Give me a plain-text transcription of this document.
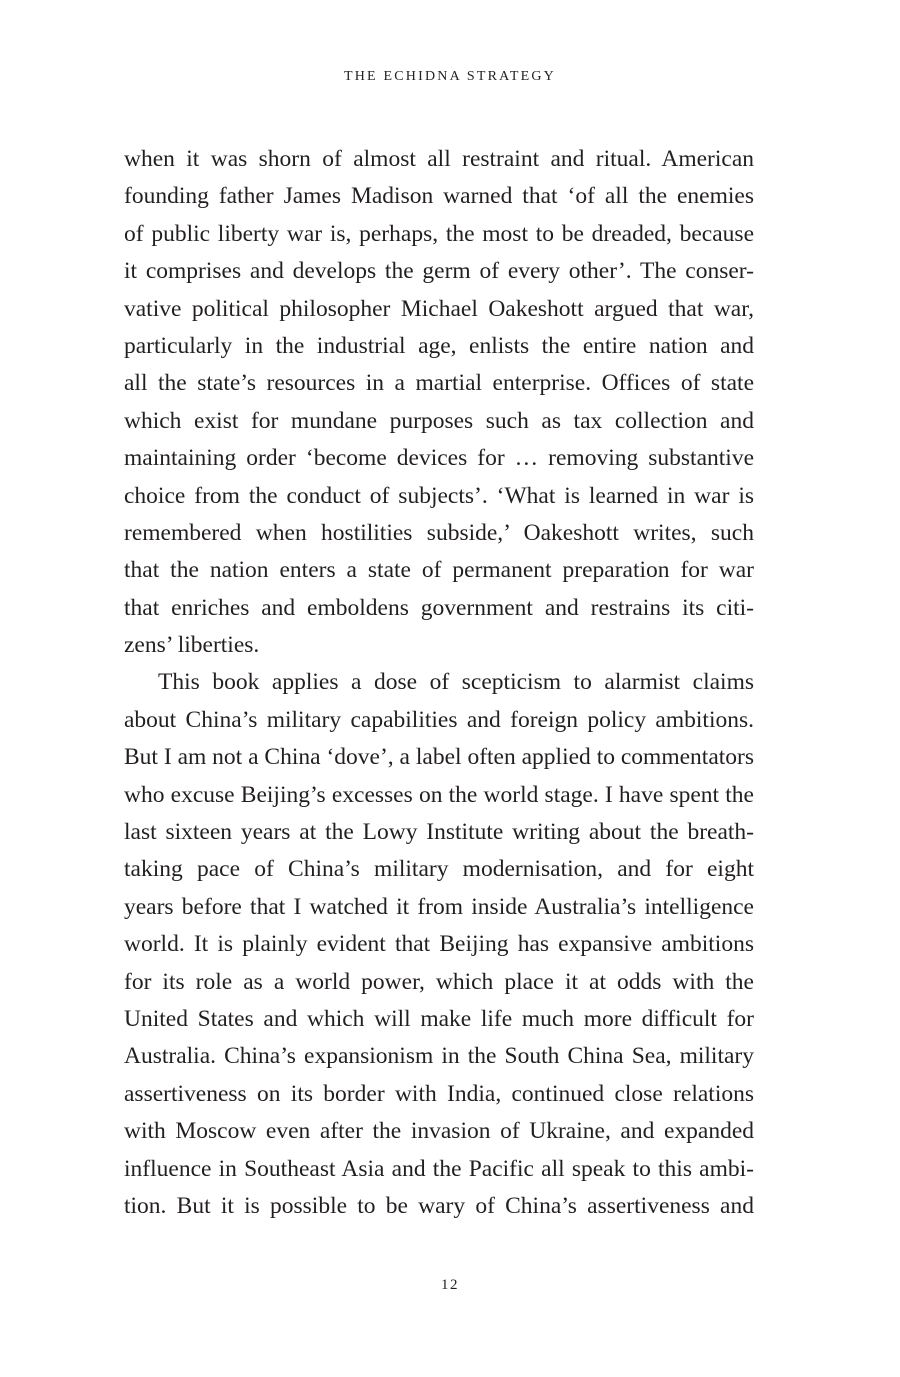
THE ECHIDNA STRATEGY
when it was shorn of almost all restraint and ritual. American
founding father James Madison warned that ‘of all the enemies
of public liberty war is, perhaps, the most to be dreaded, because
it comprises and develops the germ of every other’. The conser-
vative political philosopher Michael Oakeshott argued that war,
particularly in the industrial age, enlists the entire nation and
all the state’s resources in a martial enterprise. Offices of state
which exist for mundane purposes such as tax collection and
maintaining order ‘become devices for … removing substantive
choice from the conduct of subjects’. ‘What is learned in war is
remembered when hostilities subside,’ Oakeshott writes, such
that the nation enters a state of permanent preparation for war
that enriches and emboldens government and restrains its citi-
zens’ liberties.
This book applies a dose of scepticism to alarmist claims
about China’s military capabilities and foreign policy ambitions.
But I am not a China ‘dove’, a label often applied to commentators
who excuse Beijing’s excesses on the world stage. I have spent the
last sixteen years at the Lowy Institute writing about the breath-
taking pace of China’s military modernisation, and for eight
years before that I watched it from inside Australia’s intelligence
world. It is plainly evident that Beijing has expansive ambitions
for its role as a world power, which place it at odds with the
United States and which will make life much more difficult for
Australia. China’s expansionism in the South China Sea, military
assertiveness on its border with India, continued close relations
with Moscow even after the invasion of Ukraine, and expanded
influence in Southeast Asia and the Pacific all speak to this ambi-
tion. But it is possible to be wary of China’s assertiveness and
12
